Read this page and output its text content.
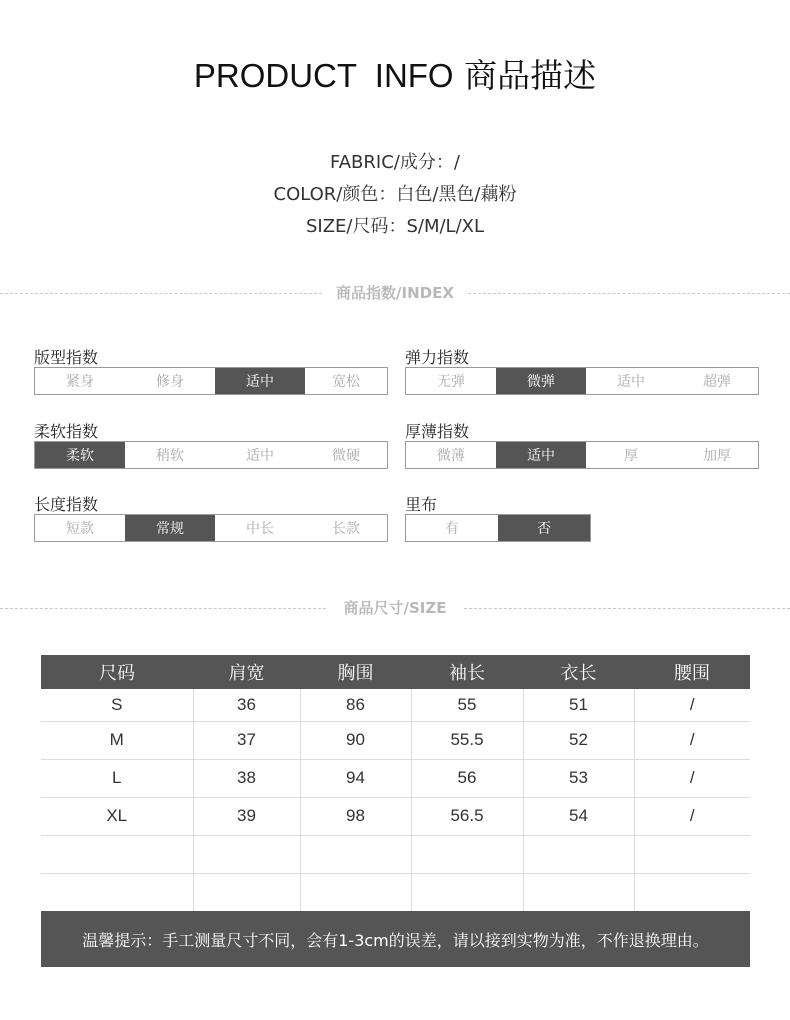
PRODUCT  INFO 商品描述
FABRIC/成分：/
COLOR/颜色：白色/黑色/藕粉
SIZE/尺码：S/M/L/XL
商品指数/INDEX
版型指数
紧身	修身	适中	宽松
弹力指数
无弹	微弹	适中	超弹
柔软指数
柔软	稍软	适中	微硬
厚薄指数
微薄	适中	厚	加厚
长度指数
短款	常规	中长	长款
里布
有	否
商品尺寸/SIZE
尺码	肩宽	胸围	袖长	衣长	腰围
S	36	86	55	51	/
M	37	90	55.5	52	/
L	38	94	56	53	/
XL	39	98	56.5	54	/

温馨提示：手工测量尺寸不同，会有1-3cm的误差，请以接到实物为准，不作退换理由。
